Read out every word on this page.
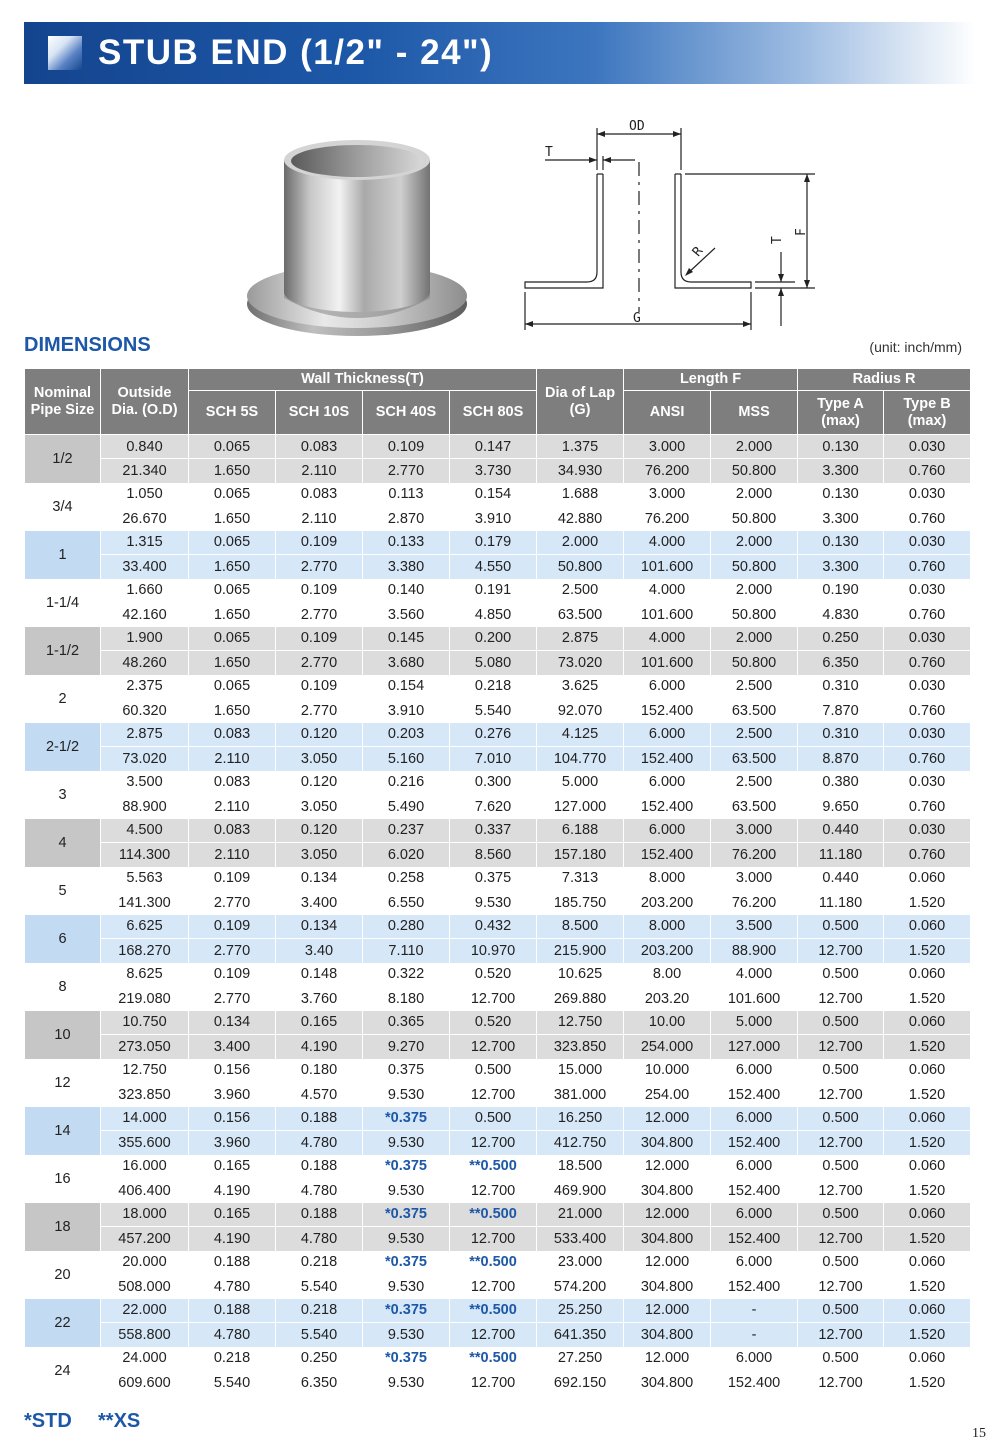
STUB END (1/2" - 24")
OD
T
G
R
T
F
DIMENSIONS	(unit: inch/mm)
Nominal Pipe Size	Outside Dia. (O.D)	Wall Thickness(T)				Dia of Lap (G)	Length F		Radius R	
		SCH 5S	SCH 10S	SCH 40S	SCH 80S		ANSI	MSS	Type A (max)	Type B (max)
1/2	0.840	0.065	0.083	0.109	0.147	1.375	3.000	2.000	0.130	0.030
	21.340	1.650	2.110	2.770	3.730	34.930	76.200	50.800	3.300	0.760
3/4	1.050	0.065	0.083	0.113	0.154	1.688	3.000	2.000	0.130	0.030
	26.670	1.650	2.110	2.870	3.910	42.880	76.200	50.800	3.300	0.760
1	1.315	0.065	0.109	0.133	0.179	2.000	4.000	2.000	0.130	0.030
	33.400	1.650	2.770	3.380	4.550	50.800	101.600	50.800	3.300	0.760
1-1/4	1.660	0.065	0.109	0.140	0.191	2.500	4.000	2.000	0.190	0.030
	42.160	1.650	2.770	3.560	4.850	63.500	101.600	50.800	4.830	0.760
1-1/2	1.900	0.065	0.109	0.145	0.200	2.875	4.000	2.000	0.250	0.030
	48.260	1.650	2.770	3.680	5.080	73.020	101.600	50.800	6.350	0.760
2	2.375	0.065	0.109	0.154	0.218	3.625	6.000	2.500	0.310	0.030
	60.320	1.650	2.770	3.910	5.540	92.070	152.400	63.500	7.870	0.760
2-1/2	2.875	0.083	0.120	0.203	0.276	4.125	6.000	2.500	0.310	0.030
	73.020	2.110	3.050	5.160	7.010	104.770	152.400	63.500	8.870	0.760
3	3.500	0.083	0.120	0.216	0.300	5.000	6.000	2.500	0.380	0.030
	88.900	2.110	3.050	5.490	7.620	127.000	152.400	63.500	9.650	0.760
4	4.500	0.083	0.120	0.237	0.337	6.188	6.000	3.000	0.440	0.030
	114.300	2.110	3.050	6.020	8.560	157.180	152.400	76.200	11.180	0.760
5	5.563	0.109	0.134	0.258	0.375	7.313	8.000	3.000	0.440	0.060
	141.300	2.770	3.400	6.550	9.530	185.750	203.200	76.200	11.180	1.520
6	6.625	0.109	0.134	0.280	0.432	8.500	8.000	3.500	0.500	0.060
	168.270	2.770	3.40	7.110	10.970	215.900	203.200	88.900	12.700	1.520
8	8.625	0.109	0.148	0.322	0.520	10.625	8.00	4.000	0.500	0.060
	219.080	2.770	3.760	8.180	12.700	269.880	203.20	101.600	12.700	1.520
10	10.750	0.134	0.165	0.365	0.520	12.750	10.00	5.000	0.500	0.060
	273.050	3.400	4.190	9.270	12.700	323.850	254.000	127.000	12.700	1.520
12	12.750	0.156	0.180	0.375	0.500	15.000	10.000	6.000	0.500	0.060
	323.850	3.960	4.570	9.530	12.700	381.000	254.00	152.400	12.700	1.520
14	14.000	0.156	0.188	*0.375	0.500	16.250	12.000	6.000	0.500	0.060
	355.600	3.960	4.780	9.530	12.700	412.750	304.800	152.400	12.700	1.520
16	16.000	0.165	0.188	*0.375	**0.500	18.500	12.000	6.000	0.500	0.060
	406.400	4.190	4.780	9.530	12.700	469.900	304.800	152.400	12.700	1.520
18	18.000	0.165	0.188	*0.375	**0.500	21.000	12.000	6.000	0.500	0.060
	457.200	4.190	4.780	9.530	12.700	533.400	304.800	152.400	12.700	1.520
20	20.000	0.188	0.218	*0.375	**0.500	23.000	12.000	6.000	0.500	0.060
	508.000	4.780	5.540	9.530	12.700	574.200	304.800	152.400	12.700	1.520
22	22.000	0.188	0.218	*0.375	**0.500	25.250	12.000	-	0.500	0.060
	558.800	4.780	5.540	9.530	12.700	641.350	304.800	-	12.700	1.520
24	24.000	0.218	0.250	*0.375	**0.500	27.250	12.000	6.000	0.500	0.060
	609.600	5.540	6.350	9.530	12.700	692.150	304.800	152.400	12.700	1.520
*STD **XS
15
